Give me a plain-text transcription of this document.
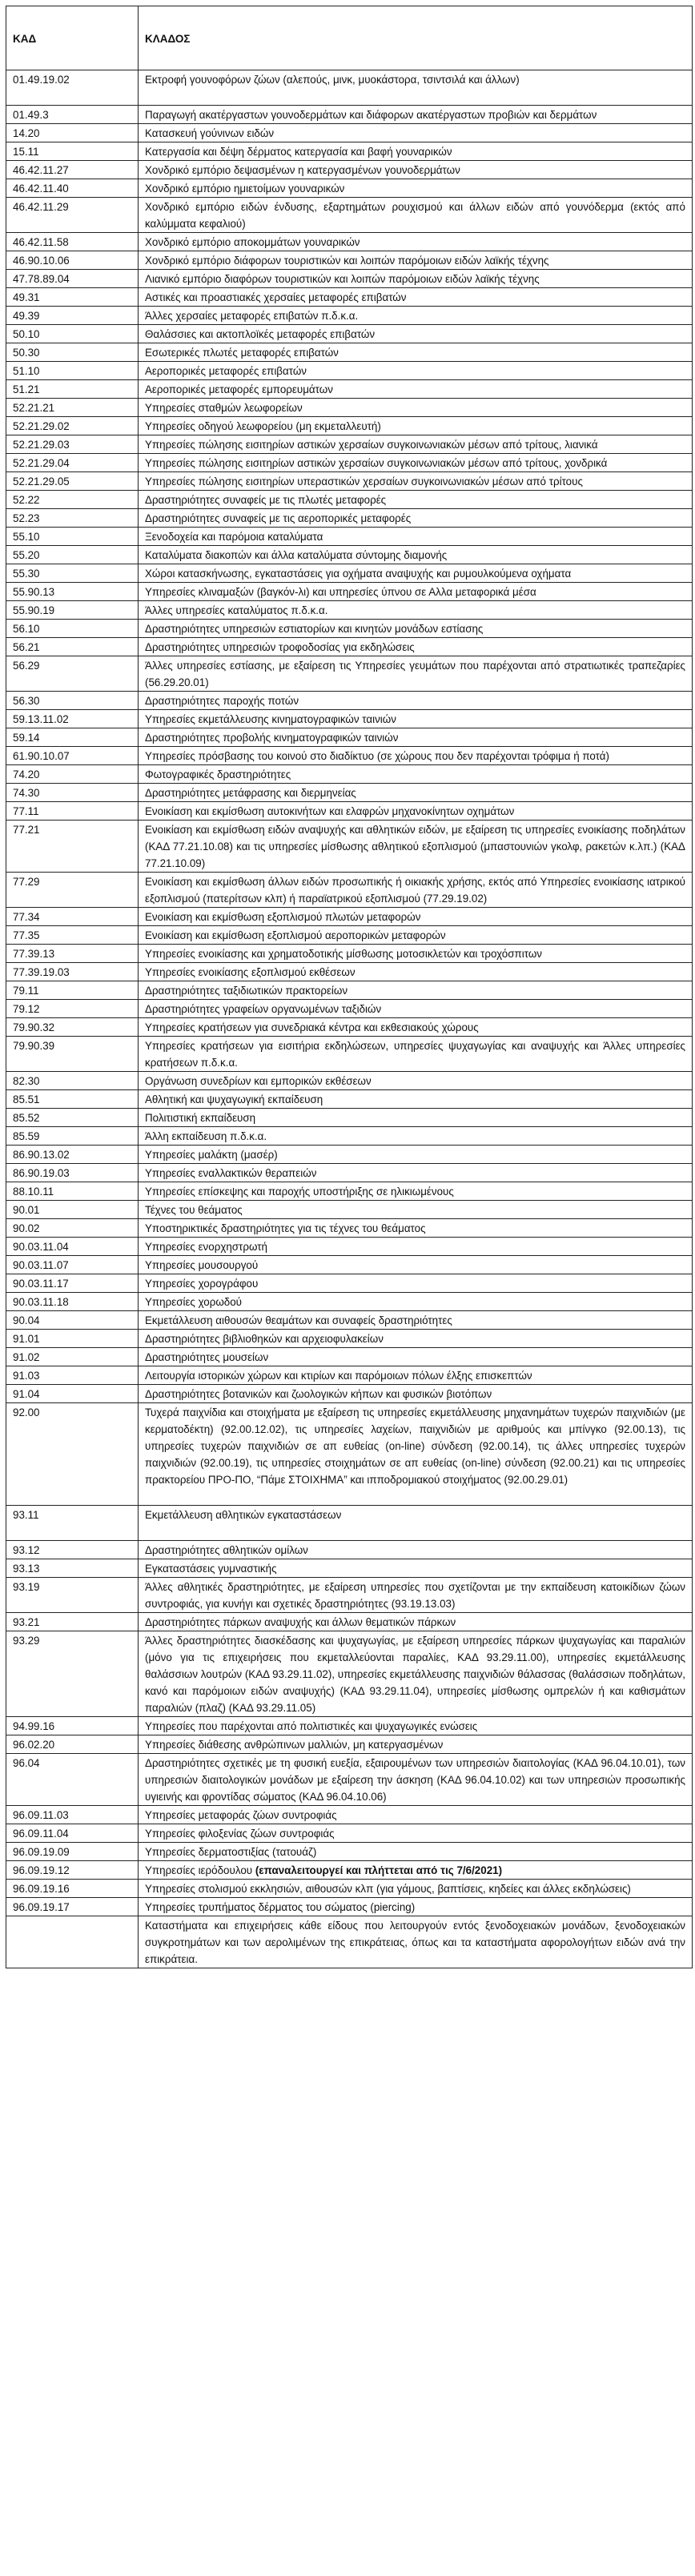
ΚΑΔ	ΚΛΑΔΟΣ
01.49.19.02	Εκτροφή γουνοφόρων ζώων (αλεπούς, μινκ, μυοκάστορα, τσιντσιλά και άλλων)
01.49.3	Παραγωγή ακατέργαστων γουνοδερμάτων και διάφορων ακατέργαστων προβιών και δερμάτων
14.20	Κατασκευή γούνινων ειδών
15.11	Κατεργασία και δέψη δέρματος κατεργασία και βαφή γουναρικών
46.42.11.27	Χονδρικό εμπόριο δεψασμένων η κατεργασμένων γουνοδερμάτων
46.42.11.40	Χονδρικό εμπόριο ημιετοίμων γουναρικών
46.42.11.29	Χονδρικό εμπόριο ειδών ένδυσης, εξαρτημάτων ρουχισμού και άλλων ειδών από γουνόδερμα (εκτός από καλύμματα κεφαλιού)
46.42.11.58	Χονδρικό εμπόριο αποκομμάτων γουναρικών
46.90.10.06	Χονδρικό εμπόριο διάφορων τουριστικών και λοιπών παρόμοιων ειδών λαϊκής τέχνης
47.78.89.04	Λιανικό εμπόριο διαφόρων τουριστικών και λοιπών παρόμοιων ειδών λαϊκής τέχνης
49.31	Αστικές και προαστιακές χερσαίες μεταφορές επιβατών
49.39	Άλλες χερσαίες μεταφορές επιβατών π.δ.κ.α.
50.10	Θαλάσσιες και ακτοπλοϊκές μεταφορές επιβατών
50.30	Εσωτερικές πλωτές μεταφορές επιβατών
51.10	Αεροπορικές μεταφορές επιβατών
51.21	Αεροπορικές μεταφορές εμπορευμάτων
52.21.21	Υπηρεσίες σταθμών λεωφορείων
52.21.29.02	Υπηρεσίες οδηγού λεωφορείου (μη εκμεταλλευτή)
52.21.29.03	Υπηρεσίες πώλησης εισιτηρίων αστικών χερσαίων συγκοινωνιακών μέσων από τρίτους, λιανικά
52.21.29.04	Υπηρεσίες πώλησης εισιτηρίων αστικών χερσαίων συγκοινωνιακών μέσων από τρίτους, χονδρικά
52.21.29.05	Υπηρεσίες πώλησης εισιτηρίων υπεραστικών χερσαίων συγκοινωνιακών μέσων από τρίτους
52.22	Δραστηριότητες συναφείς με τις πλωτές μεταφορές
52.23	Δραστηριότητες συναφείς με τις αεροπορικές μεταφορές
55.10	Ξενοδοχεία και παρόμοια καταλύματα
55.20	Καταλύματα διακοπών και άλλα καταλύματα σύντομης διαμονής
55.30	Χώροι κατασκήνωσης, εγκαταστάσεις για οχήματα αναψυχής και ρυμουλκούμενα οχήματα
55.90.13	Υπηρεσίες κλιναμαξών (βαγκόν-λι) και υπηρεσίες ύπνου σε Αλλα μεταφορικά μέσα
55.90.19	Άλλες υπηρεσίες καταλύματος π.δ.κ.α.
56.10	Δραστηριότητες υπηρεσιών εστιατορίων και κινητών μονάδων εστίασης
56.21	Δραστηριότητες υπηρεσιών τροφοδοσίας για εκδηλώσεις
56.29	Άλλες υπηρεσίες εστίασης, με εξαίρεση τις Υπηρεσίες γευμάτων που παρέχονται από στρατιωτικές τραπεζαρίες (56.29.20.01)
56.30	Δραστηριότητες παροχής ποτών
59.13.11.02	Υπηρεσίες εκμετάλλευσης κινηματογραφικών ταινιών
59.14	Δραστηριότητες προβολής κινηματογραφικών ταινιών
61.90.10.07	Υπηρεσίες πρόσβασης του κοινού στο διαδίκτυο (σε χώρους που δεν παρέχονται τρόφιμα ή ποτά)
74.20	Φωτογραφικές δραστηριότητες
74.30	Δραστηριότητες μετάφρασης και διερμηνείας
77.11	Ενοικίαση και εκμίσθωση αυτοκινήτων και ελαφρών μηχανοκίνητων οχημάτων
77.21	Ενοικίαση και εκμίσθωση ειδών αναψυχής και αθλητικών ειδών, με εξαίρεση τις υπηρεσίες ενοικίασης ποδηλάτων (ΚΑΔ 77.21.10.08) και τις υπηρεσίες μίσθωσης αθλητικού εξοπλισμού (μπαστουνιών γκολφ, ρακετών κ.λπ.) (ΚΑΔ 77.21.10.09)
77.29	Ενοικίαση και εκμίσθωση άλλων ειδών προσωπικής ή οικιακής χρήσης, εκτός από Υπηρεσίες ενοικίασης ιατρικού εξοπλισμού (πατερίτσων κλπ) ή παραϊατρικού εξοπλισμού (77.29.19.02)
77.34	Ενοικίαση και εκμίσθωση εξοπλισμού πλωτών μεταφορών
77.35	Ενοικίαση και εκμίσθωση εξοπλισμού αεροπορικών μεταφορών
77.39.13	Υπηρεσίες ενοικίασης και χρηματοδοτικής μίσθωσης μοτοσικλετών και τροχόσπιτων
77.39.19.03	Υπηρεσίες ενοικίασης εξοπλισμού εκθέσεων
79.11	Δραστηριότητες ταξιδιωτικών πρακτορείων
79.12	Δραστηριότητες γραφείων οργανωμένων ταξιδιών
79.90.32	Υπηρεσίες κρατήσεων για συνεδριακά κέντρα και εκθεσιακούς χώρους
79.90.39	Υπηρεσίες κρατήσεων για εισιτήρια εκδηλώσεων, υπηρεσίες ψυχαγωγίας και αναψυχής και Άλλες υπηρεσίες κρατήσεων π.δ.κ.α.
82.30	Οργάνωση συνεδρίων και εμπορικών εκθέσεων
85.51	Αθλητική και ψυχαγωγική εκπαίδευση
85.52	Πολιτιστική εκπαίδευση
85.59	Άλλη εκπαίδευση π.δ.κ.α.
86.90.13.02	Υπηρεσίες μαλάκτη (μασέρ)
86.90.19.03	Υπηρεσίες εναλλακτικών θεραπειών
88.10.11	Υπηρεσίες επίσκεψης και παροχής υποστήριξης σε ηλικιωμένους
90.01	Τέχνες του θεάματος
90.02	Υποστηρικτικές δραστηριότητες για τις τέχνες του θεάματος
90.03.11.04	Υπηρεσίες ενορχηστρωτή
90.03.11.07	Υπηρεσίες μουσουργού
90.03.11.17	Υπηρεσίες χορογράφου
90.03.11.18	Υπηρεσίες χορωδού
90.04	Εκμετάλλευση αιθουσών θεαμάτων και συναφείς δραστηριότητες
91.01	Δραστηριότητες βιβλιοθηκών και αρχειοφυλακείων
91.02	Δραστηριότητες μουσείων
91.03	Λειτουργία ιστορικών χώρων και κτιρίων και παρόμοιων πόλων έλξης επισκεπτών
91.04	Δραστηριότητες βοτανικών και ζωολογικών κήπων και φυσικών βιοτόπων
92.00	Τυχερά παιχνίδια και στοιχήματα με εξαίρεση τις υπηρεσίες εκμετάλλευσης μηχανημάτων τυχερών παιχνιδιών (με κερματοδέκτη) (92.00.12.02), τις υπηρεσίες λαχείων, παιχνιδιών με αριθμούς και μπίνγκο (92.00.13), τις υπηρεσίες τυχερών παιχνιδιών σε απ ευθείας (on-line) σύνδεση (92.00.14), τις άλλες υπηρεσίες τυχερών παιχνιδιών (92.00.19), τις υπηρεσίες στοιχημάτων σε απ ευθείας (on-line) σύνδεση (92.00.21) και τις υπηρεσίες πρακτορείου ΠΡΟ-ΠΟ, “Πάμε ΣΤΟΙΧΗΜΑ” και ιπποδρομιακού στοιχήματος (92.00.29.01)
93.11	Εκμετάλλευση αθλητικών εγκαταστάσεων
93.12	Δραστηριότητες αθλητικών ομίλων
93.13	Εγκαταστάσεις γυμναστικής
93.19	Άλλες αθλητικές δραστηριότητες, με εξαίρεση υπηρεσίες που σχετίζονται με την εκπαίδευση κατοικίδιων ζώων συντροφιάς, για κυνήγι και σχετικές δραστηριότητες (93.19.13.03)
93.21	Δραστηριότητες πάρκων αναψυχής και άλλων θεματικών πάρκων
93.29	Άλλες δραστηριότητες διασκέδασης και ψυχαγωγίας, με εξαίρεση υπηρεσίες πάρκων ψυχαγωγίας και παραλιών (μόνο για τις επιχειρήσεις που εκμεταλλεύονται παραλίες, ΚΑΔ 93.29.11.00), υπηρεσίες εκμετάλλευσης θαλάσσιων λουτρών (ΚΑΔ 93.29.11.02), υπηρεσίες εκμετάλλευσης παιχνιδιών θάλασσας (θαλάσσιων ποδηλάτων, κανό και παρόμοιων ειδών αναψυχής) (ΚΑΔ 93.29.11.04), υπηρεσίες μίσθωσης ομπρελών ή και καθισμάτων παραλιών (πλαζ) (ΚΑΔ 93.29.11.05)
94.99.16	Υπηρεσίες που παρέχονται από πολιτιστικές και ψυχαγωγικές ενώσεις
96.02.20	Υπηρεσίες διάθεσης ανθρώπινων μαλλιών, μη κατεργασμένων
96.04	Δραστηριότητες σχετικές με τη φυσική ευεξία, εξαιρουμένων των υπηρεσιών διαιτολογίας (ΚΑΔ 96.04.10.01), των υπηρεσιών διαιτολογικών μονάδων με εξαίρεση την άσκηση (ΚΑΔ 96.04.10.02) και των υπηρεσιών προσωπικής υγιεινής και φροντίδας σώματος (ΚΑΔ 96.04.10.06)
96.09.11.03	Υπηρεσίες μεταφοράς ζώων συντροφιάς
96.09.11.04	Υπηρεσίες φιλοξενίας ζώων συντροφιάς
96.09.19.09	Υπηρεσίες δερματοστιξίας (τατουάζ)
96.09.19.12	Υπηρεσίες ιερόδουλου (επαναλειτουργεί και πλήττεται από τις 7/6/2021)
96.09.19.16	Υπηρεσίες στολισμού εκκλησιών, αιθουσών κλπ (για γάμους, βαπτίσεις, κηδείες και άλλες εκδηλώσεις)
96.09.19.17	Υπηρεσίες τρυπήματος δέρματος του σώματος (piercing)
	Καταστήματα και επιχειρήσεις κάθε είδους που λειτουργούν εντός ξενοδοχειακών μονάδων, ξενοδοχειακών συγκροτημάτων και των αερολιμένων της επικράτειας, όπως και τα καταστήματα αφορολογήτων ειδών ανά την επικράτεια.
